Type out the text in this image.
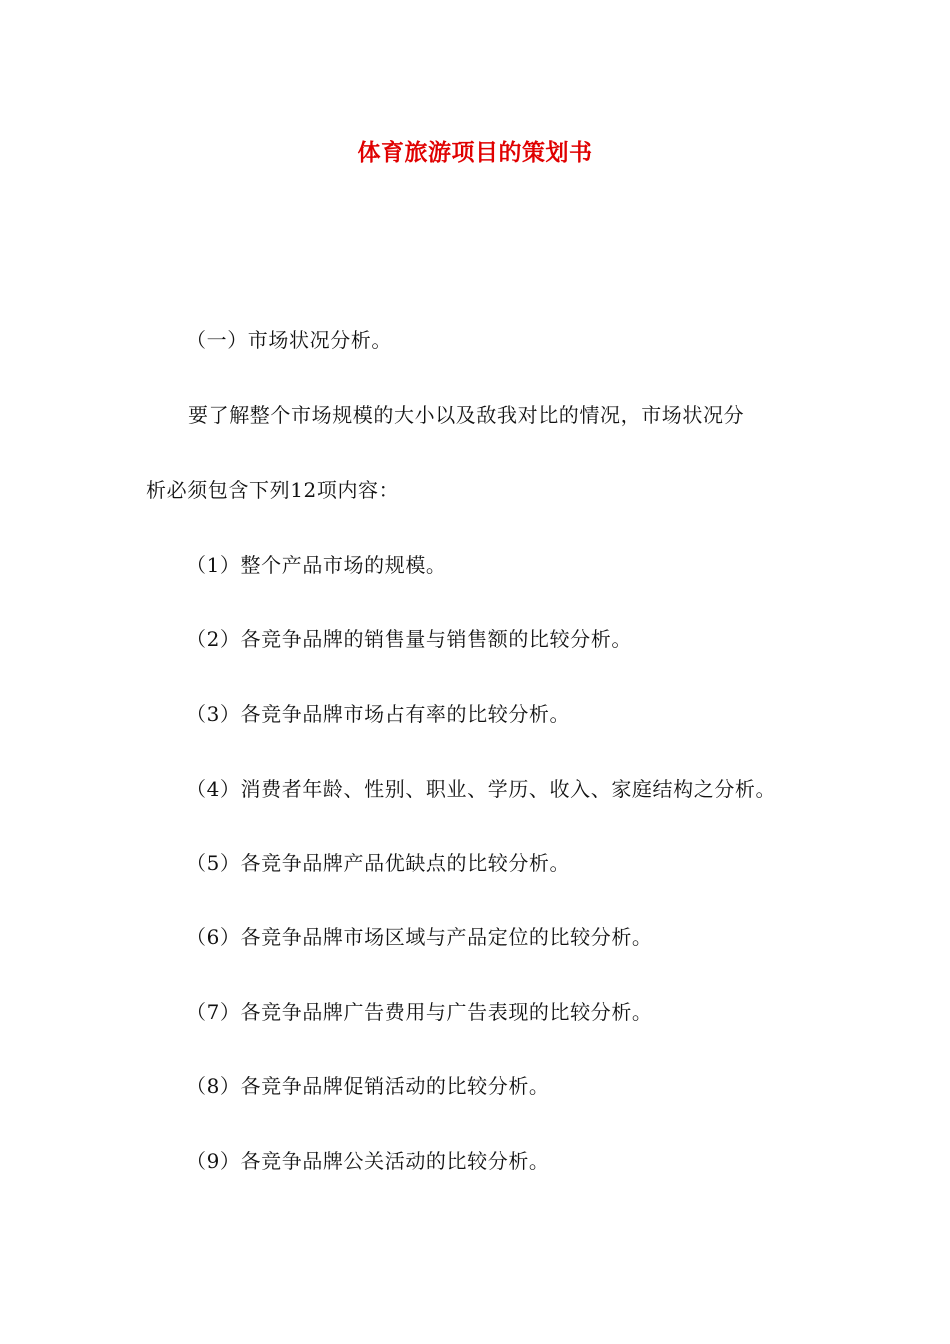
体育旅游项目的策划书
（一）市场状况分析。
要了解整个市场规模的大小以及敌我对比的情况，市场状况分
析必须包含下列12项内容：
（1）整个产品市场的规模。
（2）各竞争品牌的销售量与销售额的比较分析。
（3）各竞争品牌市场占有率的比较分析。
（4）消费者年龄、性别、职业、学历、收入、家庭结构之分析。
（5）各竞争品牌产品优缺点的比较分析。
（6）各竞争品牌市场区域与产品定位的比较分析。
（7）各竞争品牌广告费用与广告表现的比较分析。
（8）各竞争品牌促销活动的比较分析。
（9）各竞争品牌公关活动的比较分析。
